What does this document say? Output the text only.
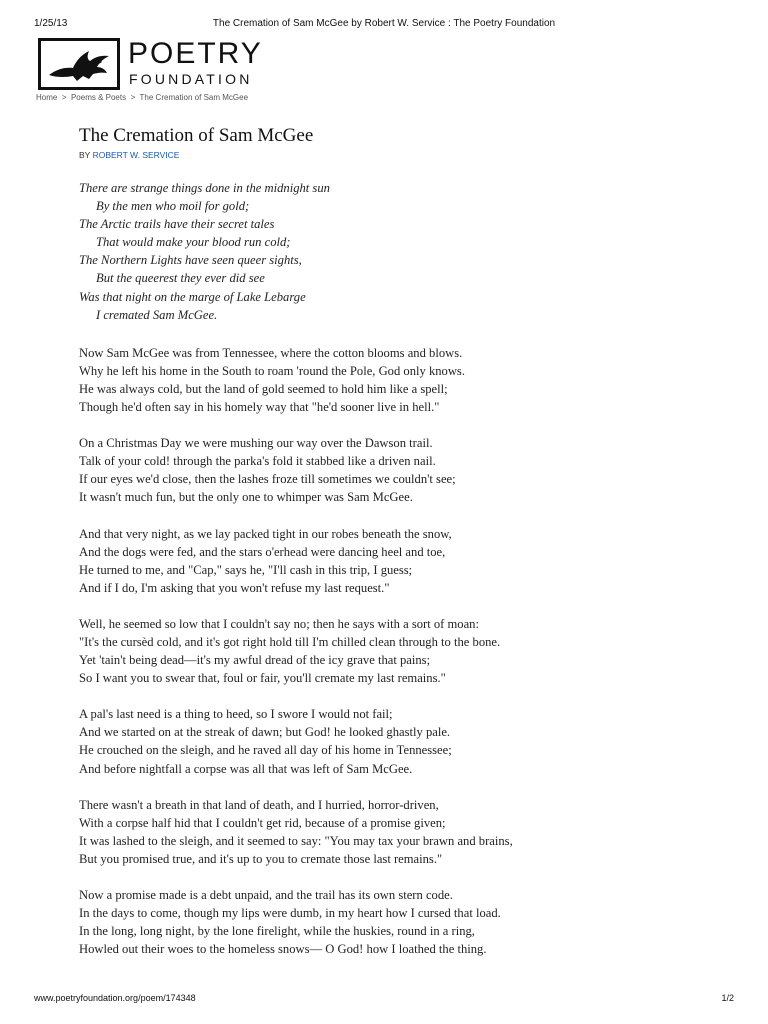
1/25/13	The Cremation of Sam McGee by Robert W. Service : The Poetry Foundation
POETRY
FOUNDATION
Home > Poems & Poets > The Cremation of Sam McGee
The Cremation of Sam McGee
BY ROBERT W. SERVICE
There are strange things done in the midnight sun
By the men who moil for gold;
The Arctic trails have their secret tales
That would make your blood run cold;
The Northern Lights have seen queer sights,
But the queerest they ever did see
Was that night on the marge of Lake Lebarge
I cremated Sam McGee.
Now Sam McGee was from Tennessee, where the cotton blooms and blows.
Why he left his home in the South to roam 'round the Pole, God only knows.
He was always cold, but the land of gold seemed to hold him like a spell;
Though he'd often say in his homely way that "he'd sooner live in hell."
On a Christmas Day we were mushing our way over the Dawson trail.
Talk of your cold! through the parka's fold it stabbed like a driven nail.
If our eyes we'd close, then the lashes froze till sometimes we couldn't see;
It wasn't much fun, but the only one to whimper was Sam McGee.
And that very night, as we lay packed tight in our robes beneath the snow,
And the dogs were fed, and the stars o'erhead were dancing heel and toe,
He turned to me, and "Cap," says he, "I'll cash in this trip, I guess;
And if I do, I'm asking that you won't refuse my last request."
Well, he seemed so low that I couldn't say no; then he says with a sort of moan:
"It's the cursèd cold, and it's got right hold till I'm chilled clean through to the bone.
Yet 'tain't being dead—it's my awful dread of the icy grave that pains;
So I want you to swear that, foul or fair, you'll cremate my last remains."
A pal's last need is a thing to heed, so I swore I would not fail;
And we started on at the streak of dawn; but God! he looked ghastly pale.
He crouched on the sleigh, and he raved all day of his home in Tennessee;
And before nightfall a corpse was all that was left of Sam McGee.
There wasn't a breath in that land of death, and I hurried, horror-driven,
With a corpse half hid that I couldn't get rid, because of a promise given;
It was lashed to the sleigh, and it seemed to say: "You may tax your brawn and brains,
But you promised true, and it's up to you to cremate those last remains."
Now a promise made is a debt unpaid, and the trail has its own stern code.
In the days to come, though my lips were dumb, in my heart how I cursed that load.
In the long, long night, by the lone firelight, while the huskies, round in a ring,
Howled out their woes to the homeless snows— O God! how I loathed the thing.
www.poetryfoundation.org/poem/174348	1/2
